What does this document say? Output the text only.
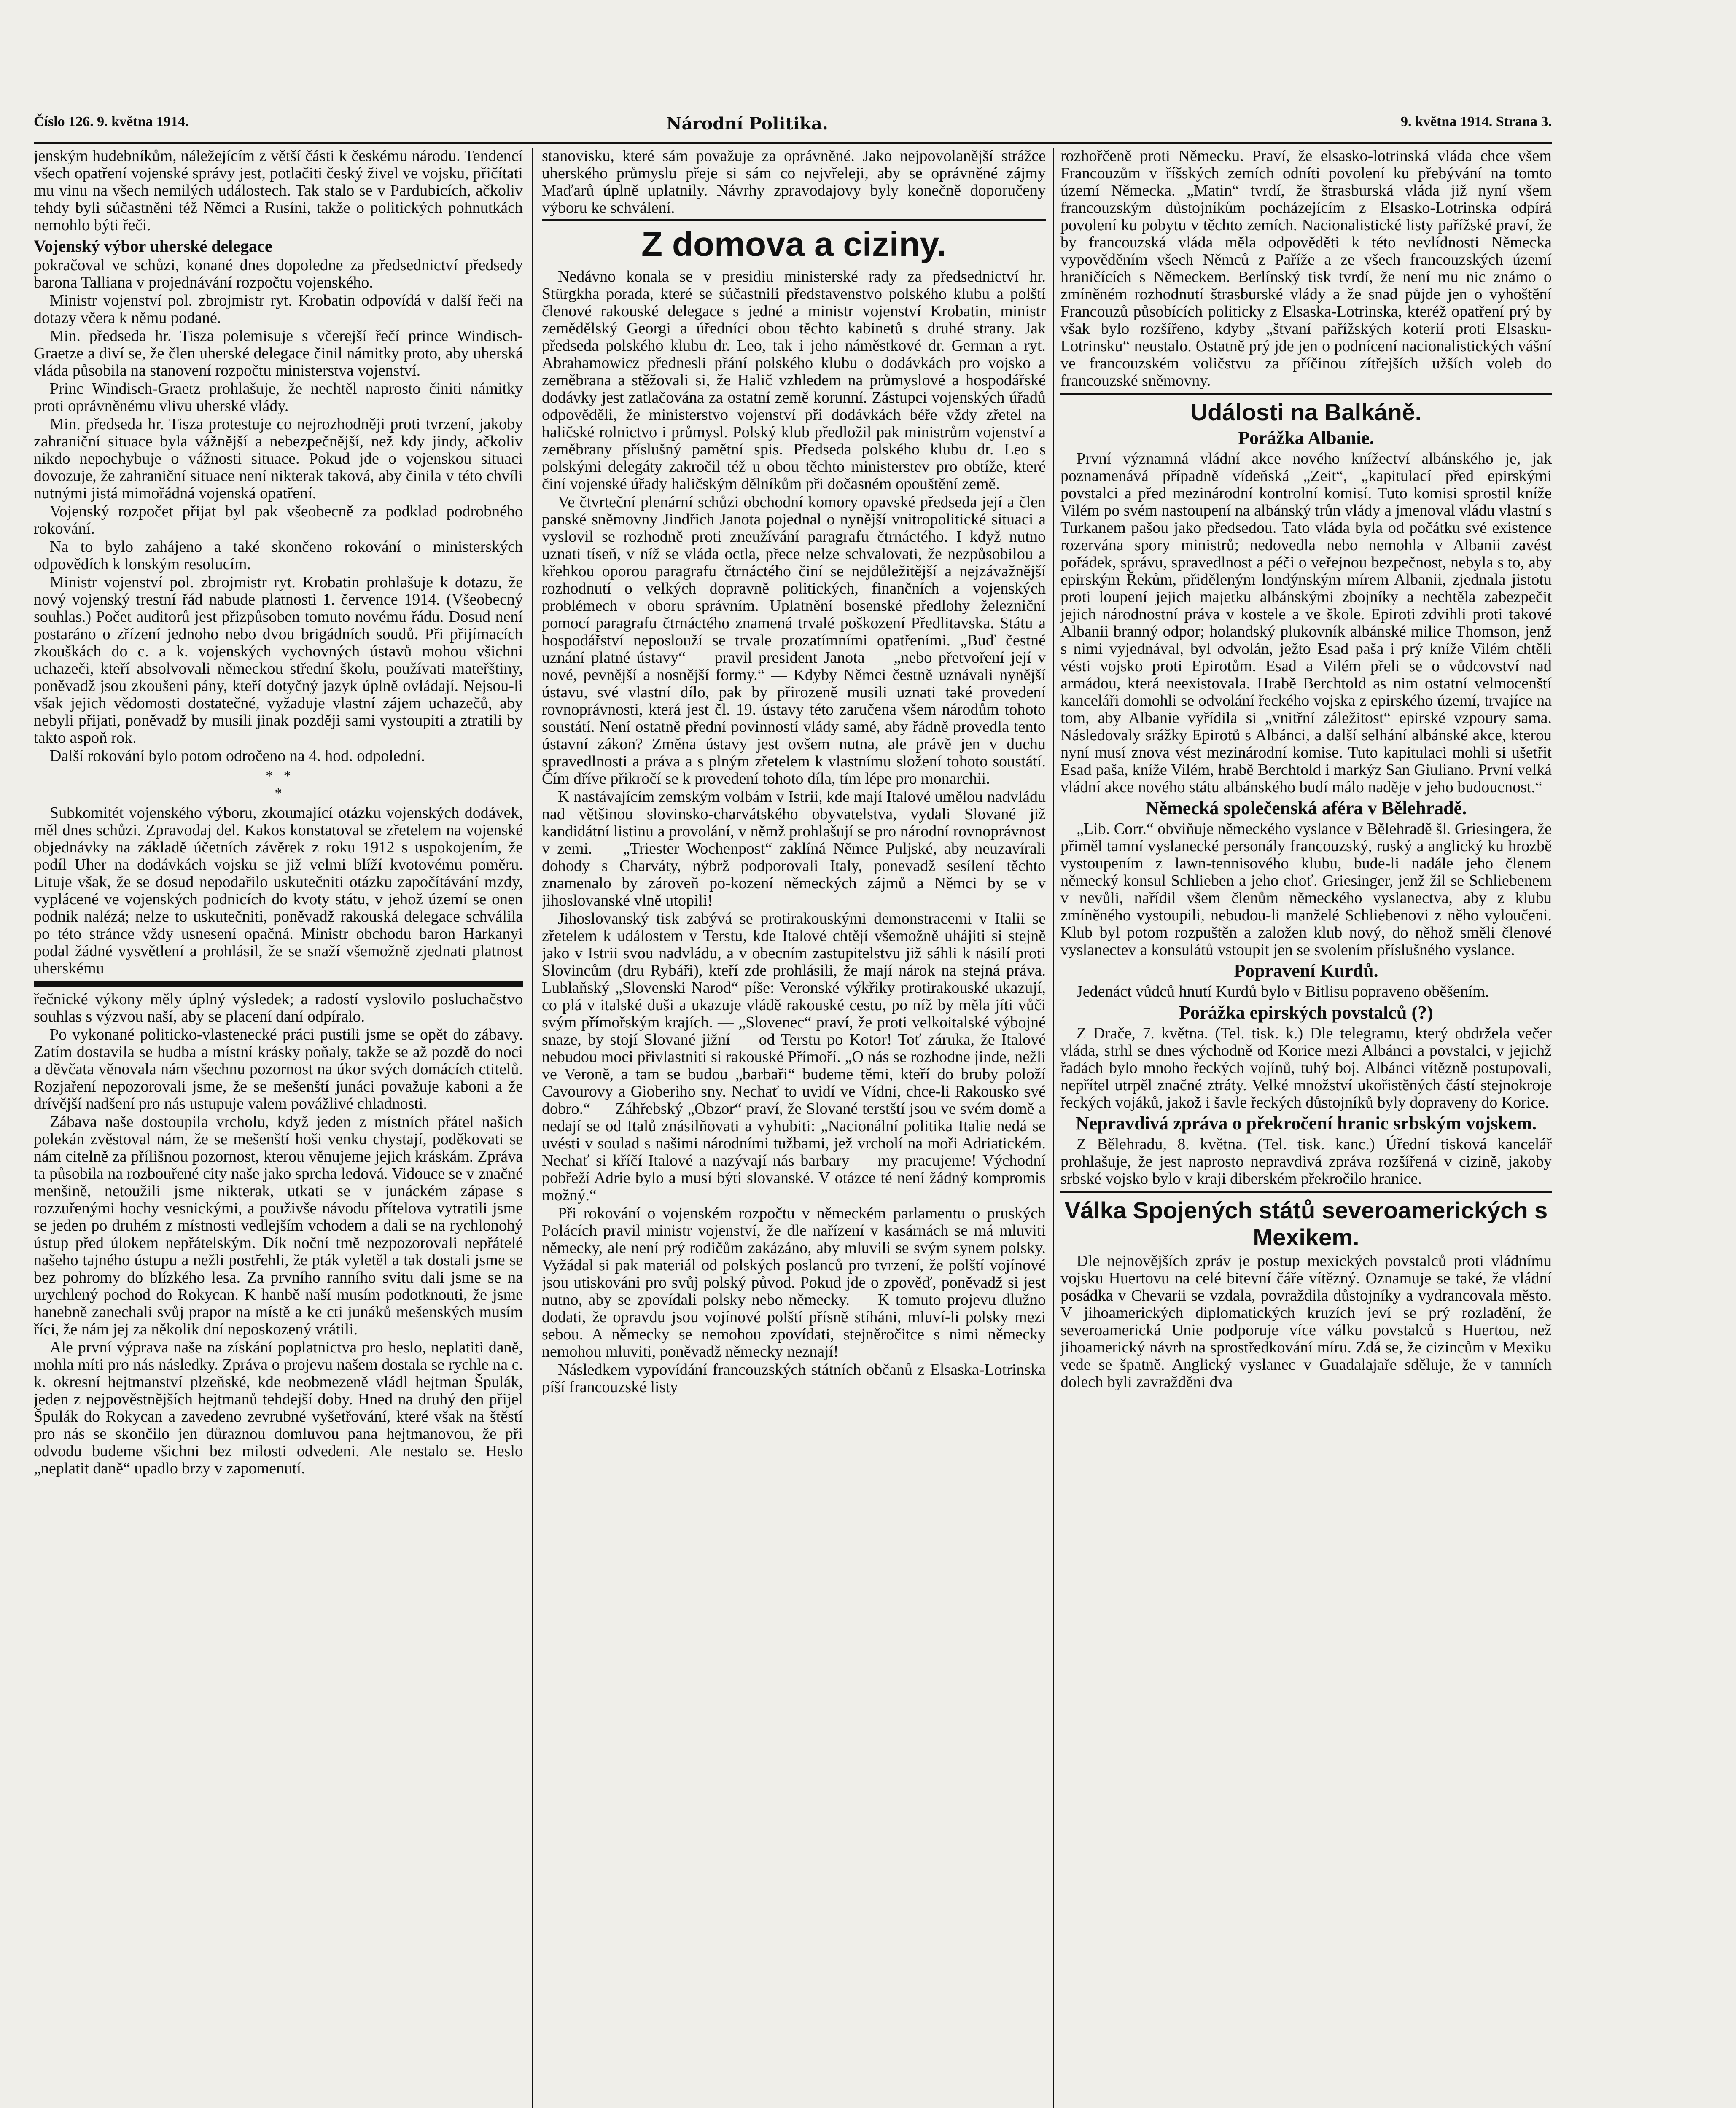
Číslo 126. 9. května 1914.	Národní Politika.	9. května 1914. Strana 3.

jenským hudebníkům, náležejícím z větší části k českému národu. Tendencí všech opatření vojenské správy jest, potlačiti český živel ve vojsku, přičítati mu vinu na všech nemilých událostech. Tak stalo se v Pardubicích, ačkoliv tehdy byli súčastněni též Němci a Rusíni, takže o politických pohnutkách nemohlo býti řeči.

Vojenský výbor uherské delegace

pokračoval ve schůzi, konané dnes dopoledne za předsednictví předsedy barona Talliana v projednávání rozpočtu vojenského.

Ministr vojenství pol. zbrojmistr ryt. Krobatin odpovídá v další řeči na dotazy včera k němu podané.

Min. předseda hr. Tisza polemisuje s včerejší řečí prince Windisch-Graetze a diví se, že člen uherské delegace činil námitky proto, aby uherská vláda působila na stanovení rozpočtu ministerstva vojenství.

Princ Windisch-Graetz prohlašuje, že nechtěl naprosto činiti námitky proti oprávněnému vlivu uherské vlády.

Min. předseda hr. Tisza protestuje co nejrozhodněji proti tvrzení, jakoby zahraniční situace byla vážnější a nebezpečnější, než kdy jindy, ačkoliv nikdo nepochybuje o vážnosti situace. Pokud jde o vojenskou situaci dovozuje, že zahraniční situace není nikterak taková, aby činila v této chvíli nutnými jistá mimořádná vojenská opatření.

Vojenský rozpočet přijat byl pak všeobecně za podklad podrobného rokování.

Na to bylo zahájeno a také skončeno rokování o ministerských odpovědích k lonským resolucím.

Ministr vojenství pol. zbrojmistr ryt. Krobatin prohlašuje k dotazu, že nový vojenský trestní řád nabude platnosti 1. července 1914. (Všeobecný souhlas.) Počet auditorů jest přizpůsoben tomuto novému řádu. Dosud není postaráno o zřízení jednoho nebo dvou brigádních soudů. Při přijímacích zkouškách do c. a k. vojenských vychovných ústavů mohou všichni uchazeči, kteří absolvovali německou střední školu, používati mateřštiny, poněvadž jsou zkoušeni pány, kteří dotyčný jazyk úplně ovládají. Nejsou-li však jejich vědomosti dostatečné, vyžaduje vlastní zájem uchazečů, aby nebyli přijati, poněvadž by musili jinak později sami vystoupiti a ztratili by takto aspoň rok.

Další rokování bylo potom odročeno na 4. hod. odpolední.

*   *
*

Subkomitét vojenského výboru, zkoumající otázku vojenských dodávek, měl dnes schůzi. Zpravodaj del. Kakos konstatoval se zřetelem na vojenské objednávky na základě účetních závěrek z roku 1912 s uspokojením, že podíl Uher na dodávkách vojsku se již velmi blíží kvotovému poměru. Lituje však, že se dosud nepodařilo uskutečniti otázku započítávání mzdy, vyplácené ve vojenských podnicích do kvoty státu, v jehož území se onen podnik nalézá; nelze to uskutečniti, poněvadž rakouská delegace schválila po této stránce vždy usnesení opačná. Ministr obchodu baron Harkanyi podal žádné vysvětlení a prohlásil, že se snaží všemožně zjednati platnost uherskému

řečnické výkony měly úplný výsledek; a radostí vyslovilo posluchačstvo souhlas s výzvou naší, aby se placení daní odpíralo.

Po vykonané politicko-vlastenecké práci pustili jsme se opět do zábavy. Zatím dostavila se hudba a místní krásky poňaly, takže se až pozdě do noci a děvčata věnovala nám všechnu pozornost na úkor svých domácích ctitelů. Rozjaření nepozorovali jsme, že se mešenští junáci považuje kaboni a že drívější nadšení pro nás ustupuje valem povážlivé chladnosti.

Zábava naše dostoupila vrcholu, když jeden z místních přátel našich polekán zvěstoval nám, že se mešenští hoši venku chystají, poděkovati se nám citelně za přílišnou pozornost, kterou věnujeme jejich kráskám. Zpráva ta působila na rozbouřené city naše jako sprcha ledová. Vidouce se v značné menšině, netoužili jsme nikterak, utkati se v junáckém zápase s rozzuřenými hochy vesnickými, a použivše návodu přítelova vytratili jsme se jeden po druhém z místnosti vedlejším vchodem a dali se na rychlonohý ústup před úlokem nepřátelským. Dík noční tmě nezpozorovali nepřátelé našeho tajného ústupu a nežli postřehli, že pták vyletěl a tak dostali jsme se bez pohromy do blízkého lesa. Za prvního ranního svitu dali jsme se na urychlený pochod do Rokycan. K hanbě naší musím podotknouti, že jsme hanebně zanechali svůj prapor na místě a ke cti junáků mešenských musím říci, že nám jej za několik dní neposkozený vrátili.

Ale první výprava naše na získání poplatnictva pro heslo, neplatiti daně, mohla míti pro nás následky. Zpráva o projevu našem dostala se rychle na c. k. okresní hejtmanství plzeňské, kde neobmezeně vládl hejtman Špulák, jeden z nejpověstnějších hejtmanů tehdejší doby. Hned na druhý den přijel Špulák do Rokycan a zavedeno zevrubné vyšetřování, které však na štěstí pro nás se skončilo jen důraznou domluvou pana hejtmanovou, že při odvodu budeme všichni bez milosti odvedeni. Ale nestalo se. Heslo „neplatit daně“ upadlo brzy v zapomenutí.

stanovisku, které sám považuje za oprávněné. Jako nejpovolanější strážce uherského průmyslu přeje si sám co nejvřeleji, aby se oprávněné zájmy Maďarů úplně uplatnily. Návrhy zpravodajovy byly konečně doporučeny výboru ke schválení.

Z domova a ciziny.

Nedávno konala se v presidiu ministerské rady za předsednictví hr. Stürgkha porada, které se súčastnili představenstvo polského klubu a polští členové rakouské delegace s jedné a ministr vojenství Krobatin, ministr zemědělský Georgi a úředníci obou těchto kabinetů s druhé strany. Jak předseda polského klubu dr. Leo, tak i jeho náměstkové dr. German a ryt. Abrahamowicz přednesli přání polského klubu o dodávkách pro vojsko a zeměbrana a stěžovali si, že Halič vzhledem na průmyslové a hospodářské dodávky jest zatlačována za ostatní země korunní. Zástupci vojenských úřadů odpověděli, že ministerstvo vojenství při dodávkách béře vždy zřetel na haličské rolnictvo i průmysl. Polský klub předložil pak ministrům vojenství a zeměbrany příslušný pamětní spis. Předseda polského klubu dr. Leo s polskými delegáty zakročil též u obou těchto ministerstev pro obtíže, které činí vojenské úřady haličským dělníkům při dočasném opouštění země.

Ve čtvrteční plenární schůzi obchodní komory opavské předseda její a člen panské sněmovny Jindřich Janota pojednal o nynější vnitropolitické situaci a vyslovil se rozhodně proti zneužívání paragrafu čtrnáctého. I když nutno uznati tíseň, v níž se vláda octla, přece nelze schvalovati, že nezpůsobilou a křehkou oporou paragrafu čtrnáctého činí se nejdůležitější a nejzávažnější rozhodnutí o velkých dopravně politických, finančních a vojenských problémech v oboru správním. Uplatnění bosenské předlohy železniční pomocí paragrafu čtrnáctého znamená trvalé poškození Předlitavska. Státu a hospodářství neposlouží se trvale prozatímními opatřeními. „Buď čestné uznání platné ústavy“ — pravil president Janota — „nebo přetvoření její v nové, pevnější a nosnější formy.“ — Kdyby Němci čestně uznávali nynější ústavu, své vlastní dílo, pak by přirozeně musili uznati také provedení rovnoprávnosti, která jest čl. 19. ústavy této zaručena všem národům tohoto soustátí. Není ostatně přední povinností vlády samé, aby řádně provedla tento ústavní zákon? Změna ústavy jest ovšem nutna, ale právě jen v duchu spravedlnosti a práva a s plným zřetelem k vlastnímu složení tohoto soustátí. Čím dříve přikročí se k provedení tohoto díla, tím lépe pro monarchii.

K nastávajícím zemským volbám v Istrii, kde mají Italové umělou nadvládu nad většinou slovinsko-charvátského obyvatelstva, vydali Slované již kandidátní listinu a provolání, v němž prohlašují se pro národní rovnoprávnost v zemi. — „Triester Wochenpost“ zaklíná Němce Puljské, aby neuzavírali dohody s Charváty, nýbrž podporovali Italy, ponevadž sesílení těchto znamenalo by zároveň po-kození německých zájmů a Němci by se v jihoslovanské vlně utopili!

Jihoslovanský tisk zabývá se protirakouskými demonstracemi v Italii se zřetelem k událostem v Terstu, kde Italové chtějí všemožně uhájiti si stejně jako v Istrii svou nadvládu, a v obecním zastupitelstvu již sáhli k násilí proti Slovincům (dru Rybáři), kteří zde prohlásili, že mají nárok na stejná práva. Lublaňský „Slovenski Narod“ píše: Veronské výkřiky protirakouské ukazují, co plá v italské duši a ukazuje vládě rakouské cestu, po níž by měla jíti vůči svým přímořským krajích. — „Slovenec“ praví, že proti velkoitalské výbojné snaze, by stojí Slované jižní — od Terstu po Kotor! Toť záruka, že Italové nebudou moci přivlastniti si rakouské Přímoří. „O nás se rozhodne jinde, nežli ve Veroně, a tam se budou „barbaři“ budeme těmi, kteří do bruby položí Cavourovy a Gioberiho sny. Nechať to uvidí ve Vídni, chce-li Rakousko své dobro.“ — Záhřebský „Obzor“ praví, že Slované terstští jsou ve svém domě a nedají se od Italů znásilňovati a vyhubiti: „Nacionální politika Italie nedá se uvésti v soulad s našimi národními tužbami, jež vrcholí na moři Adriatickém. Nechať si kříčí Italové a nazývají nás barbary — my pracujeme! Východní pobřeží Adrie bylo a musí býti slovanské. V otázce té není žádný kompromis možný.“

Při rokování o vojenském rozpočtu v německém parlamentu o pruských Polácích pravil ministr vojenství, že dle nařízení v kasárnách se má mluviti německy, ale není prý rodičům zakázáno, aby mluvili se svým synem polsky. Vyžádal si pak materiál od polských poslanců pro tvrzení, že polští vojínové jsou utiskováni pro svůj polský původ. Pokud jde o zpověď, poněvadž si jest nutno, aby se zpovídali polsky nebo německy. — K tomuto projevu dlužno dodati, že opravdu jsou vojínové polští přísně stíháni, mluví-li polsky mezi sebou. A německy se nemohou zpovídati, stejněročitce s nimi německy nemohou mluviti, poněvadž německy neznají!

Následkem vypovídání francouzských státních občanů z Elsaska-Lotrinska píší francouzské listy

rozhořčeně proti Německu. Praví, že elsasko-lotrinská vláda chce všem Francouzům v říšských zemích odníti povolení ku přebývání na tomto území Německa. „Matin“ tvrdí, že štrasburská vláda již nyní všem francouzským důstojníkům pocházejícím z Elsasko-Lotrinska odpírá povolení ku pobytu v těchto zemích. Nacionalistické listy pařížské praví, že by francouzská vláda měla odpověděti k této nevlídnosti Německa vypověděním všech Němců z Paříže a ze všech francouzských území hraničících s Německem. Berlínský tisk tvrdí, že není mu nic známo o zmíněném rozhodnutí štrasburské vlády a že snad půjde jen o vyhoštění Francouzů působících politicky z Elsaska-Lotrinska, kteréž opatření prý by však bylo rozšířeno, kdyby „štvaní pařížských koterií proti Elsasku-Lotrinsku“ neustalo. Ostatně prý jde jen o podnícení nacionalistických vášní ve francouzském voličstvu za příčinou zítřejších užších voleb do francouzské sněmovny.

Události na Balkáně.
Porážka Albanie.

První významná vládní akce nového knížectví albánského je, jak poznamenává případně vídeňská „Zeit“, „kapitulací před epirskými povstalci a před mezinárodní kontrolní komisí. Tuto komisi sprostil kníže Vilém po svém nastoupení na albánský trůn vlády a jmenoval vládu vlastní s Turkanem pašou jako předsedou. Tato vláda byla od počátku své existence rozervána spory ministrů; nedovedla nebo nemohla v Albanii zavést pořádek, správu, spravedlnost a péči o veřejnou bezpečnost, nebyla s to, aby epirským Řekům, přiděleným londýnským mírem Albanii, zjednala jistotu proti loupení jejich majetku albánskými zbojníky a nechtěla zabezpečit jejich národnostní práva v kostele a ve škole. Epiroti zdvihli proti takové Albanii branný odpor; holandský plukovník albánské milice Thomson, jenž s nimi vyjednával, byl odvolán, ježto Esad paša i prý kníže Vilém chtěli vésti vojsko proti Epirotům. Esad a Vilém přeli se o vůdcovství nad armádou, která neexistovala. Hrabě Berchtold as nim ostatní velmocenští kanceláři domohli se odvolání řeckého vojska z epirského území, trvajíce na tom, aby Albanie vyřídila si „vnitřní záležitost“ epirské vzpoury sama. Následovaly srážky Epirotů s Albánci, a další selhání albánské akce, kterou nyní musí znova vést mezinárodní komise. Tuto kapitulaci mohli si ušetřit Esad paša, kníže Vilém, hrabě Berchtold i markýz San Giuliano. První velká vládní akce nového státu albánského budí málo naděje v jeho budoucnost.“

Německá společenská aféra v Bělehradě.

„Lib. Corr.“ obviňuje německého vyslance v Bělehradě šl. Griesingera, že přiměl tamní vyslanecké personály francouzský, ruský a anglický ku hrozbě vystoupením z lawn-tennisového klubu, bude-li nadále jeho členem německý konsul Schlieben a jeho choť. Griesinger, jenž žil se Schliebenem v nevůli, nařídil všem členům německého vyslanectva, aby z klubu zmíněného vystoupili, nebudou-li manželé Schliebenovi z něho vyloučeni. Klub byl potom rozpuštěn a založen klub nový, do něhož směli členové vyslanectev a konsulátů vstoupit jen se svolením příslušného vyslance.

Popravení Kurdů.

Jedenáct vůdců hnutí Kurdů bylo v Bitlisu popraveno oběšením.

Porážka epirských povstalců (?)

Z Drače, 7. května. (Tel. tisk. k.) Dle telegramu, který obdržela večer vláda, strhl se dnes východně od Korice mezi Albánci a povstalci, v jejichž řadách bylo mnoho řeckých vojínů, tuhý boj. Albánci vítězně postupovali, nepřítel utrpěl značné ztráty. Velké množství ukořistěných částí stejnokroje řeckých vojáků, jakož i šavle řeckých důstojníků byly dopraveny do Korice.

Nepravdivá zpráva o překročení hranic srbským vojskem.

Z Bělehradu, 8. května. (Tel. tisk. kanc.) Úřední tisková kancelář prohlašuje, že jest naprosto nepravdivá zpráva rozšířená v cizině, jakoby srbské vojsko bylo v kraji diberském překročilo hranice.

Válka Spojených států severoamerických s Mexikem.

Dle nejnovějších zpráv je postup mexických povstalců proti vládnímu vojsku Huertovu na celé bitevní čáře vítězný. Oznamuje se také, že vládní posádka v Chevarii se vzdala, povraždila důstojníky a vydrancovala město. V jihoamerických diplomatických kruzích jeví se prý rozladění, že severoamerická Unie podporuje více válku povstalců s Huertou, než jihoamerický návrh na sprostředkování míru. Zdá se, že cizincům v Mexiku vede se špatně. Anglický vyslanec v Guadalajaře sděluje, že v tamních dolech byli zavražděni dva
